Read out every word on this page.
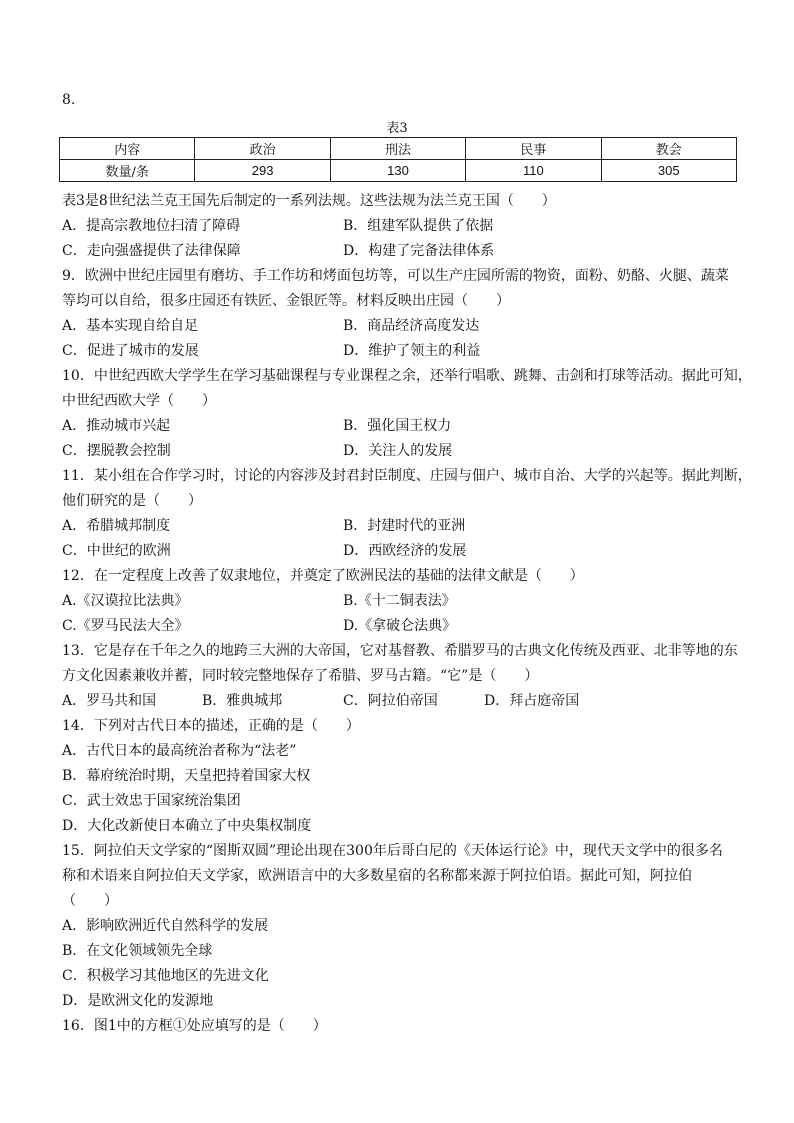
8.
表3
内容	政治	刑法	民事	教会
数量/条	293	130	110	305
表3是8世纪法兰克王国先后制定的一系列法规。这些法规为法兰克王国（　　）
A．提高宗教地位扫清了障碍	B．组建军队提供了依据
C．走向强盛提供了法律保障	D．构建了完备法律体系
9．欧洲中世纪庄园里有磨坊、手工作坊和烤面包坊等，可以生产庄园所需的物资，面粉、奶酪、火腿、蔬菜
等均可以自给，很多庄园还有铁匠、金银匠等。材料反映出庄园（　　）
A．基本实现自给自足	B．商品经济高度发达
C．促进了城市的发展	D．维护了领主的利益
10．中世纪西欧大学学生在学习基础课程与专业课程之余，还举行唱歌、跳舞、击剑和打球等活动。据此可知，
中世纪西欧大学（　　）
A．推动城市兴起	B．强化国王权力
C．摆脱教会控制	D．关注人的发展
11．某小组在合作学习时，讨论的内容涉及封君封臣制度、庄园与佃户、城市自治、大学的兴起等。据此判断，
他们研究的是（　　）
A．希腊城邦制度	B．封建时代的亚洲
C．中世纪的欧洲	D．西欧经济的发展
12．在一定程度上改善了奴隶地位，并奠定了欧洲民法的基础的法律文献是（　　）
A.《汉谟拉比法典》	B.《十二铜表法》
C.《罗马民法大全》	D.《拿破仑法典》
13．它是存在千年之久的地跨三大洲的大帝国，它对基督教、希腊罗马的古典文化传统及西亚、北非等地的东
方文化因素兼收并蓄，同时较完整地保存了希腊、罗马古籍。“它”是（　　）
A．罗马共和国	B．雅典城邦	C．阿拉伯帝国	D．拜占庭帝国
14．下列对古代日本的描述，正确的是（　　）
A．古代日本的最高统治者称为“法老”
B．幕府统治时期，天皇把持着国家大权
C．武士效忠于国家统治集团
D．大化改新使日本确立了中央集权制度
15．阿拉伯天文学家的“图斯双圆”理论出现在300年后哥白尼的《天体运行论》中，现代天文学中的很多名
称和术语来自阿拉伯天文学家，欧洲语言中的大多数星宿的名称都来源于阿拉伯语。据此可知，阿拉伯
（　　）
A．影响欧洲近代自然科学的发展
B．在文化领域领先全球
C．积极学习其他地区的先进文化
D．是欧洲文化的发源地
16．图1中的方框①处应填写的是（　　）
